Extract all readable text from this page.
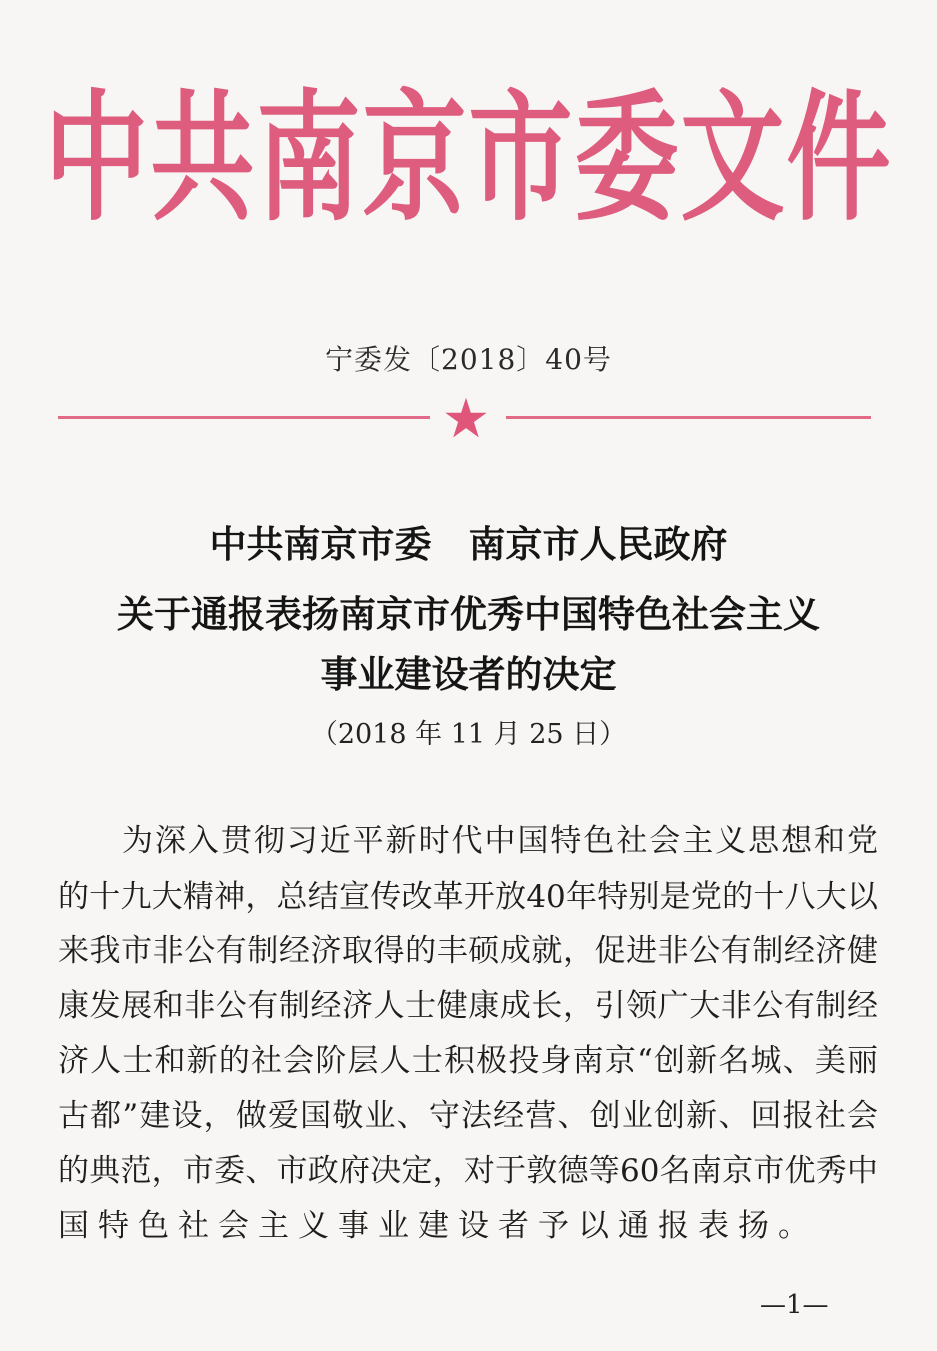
中共南京市委文件
宁委发〔2018〕40号
中共南京市委　南京市人民政府
关于通报表扬南京市优秀中国特色社会主义
事业建设者的决定
（2018 年 11 月 25 日）
为深入贯彻习近平新时代中国特色社会主义思想和党
的十九大精神，总结宣传改革开放40年特别是党的十八大以
来我市非公有制经济取得的丰硕成就，促进非公有制经济健
康发展和非公有制经济人士健康成长，引领广大非公有制经
济人士和新的社会阶层人士积极投身南京“创新名城、美丽
古都”建设，做爱国敬业、守法经营、创业创新、回报社会
的典范，市委、市政府决定，对于敦德等60名南京市优秀中
国特色社会主义事业建设者予以通报表扬。
—1—
